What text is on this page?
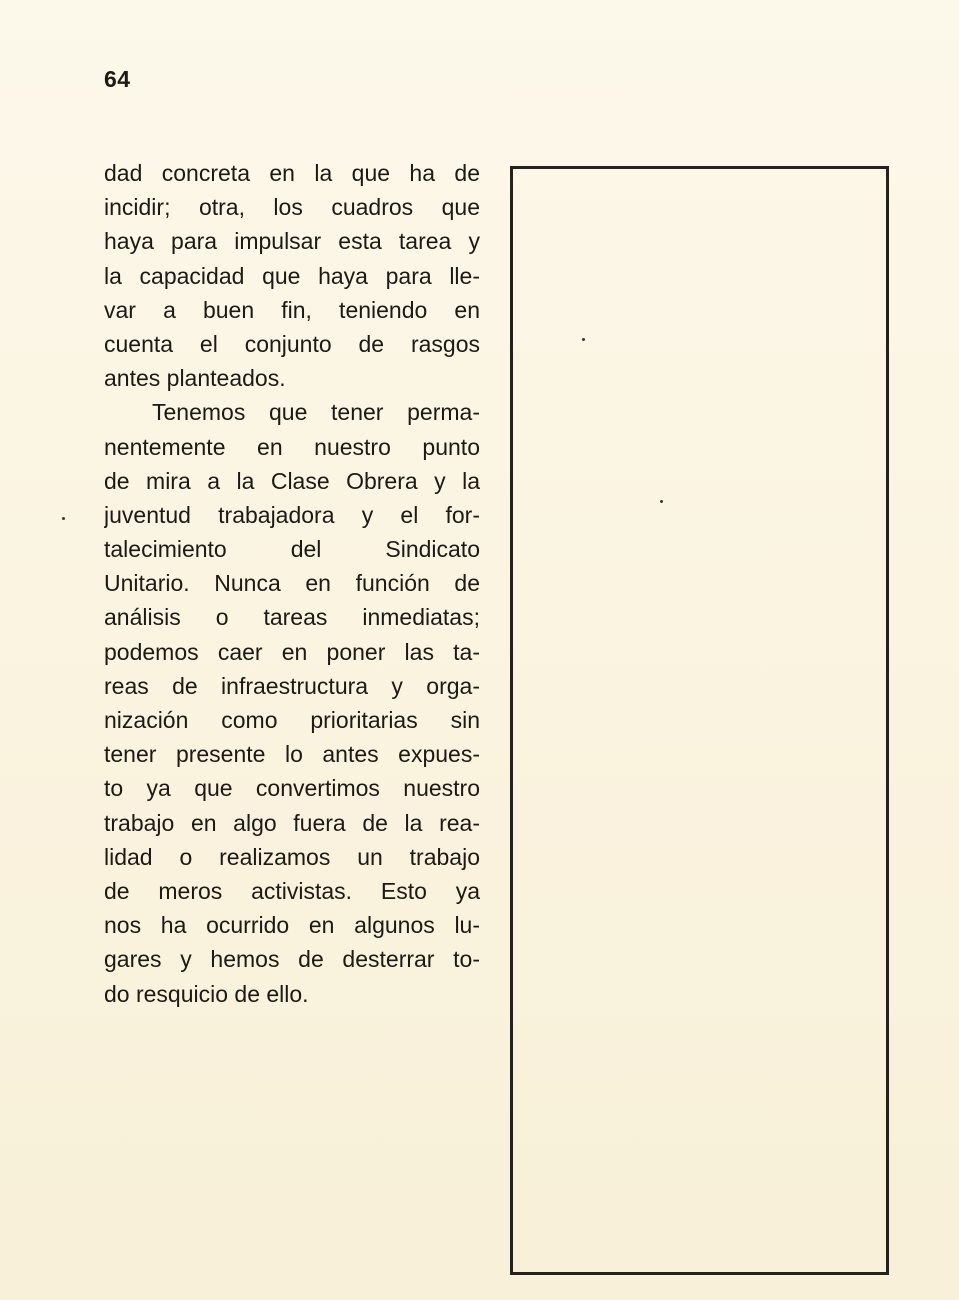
64

dad concreta en la que ha de
incidir; otra, los cuadros que
haya para impulsar esta tarea y
la capacidad que haya para lle-
var a buen fin, teniendo en
cuenta el conjunto de rasgos
antes planteados.

Tenemos que tener perma-
nentemente en nuestro punto
de mira a la Clase Obrera y la
juventud trabajadora y el for-
talecimiento del Sindicato
Unitario. Nunca en función de
análisis o tareas inmediatas;
podemos caer en poner las ta-
reas de infraestructura y orga-
nización como prioritarias sin
tener presente lo antes expues-
to ya que convertimos nuestro
trabajo en algo fuera de la rea-
lidad o realizamos un trabajo
de meros activistas. Esto ya
nos ha ocurrido en algunos lu-
gares y hemos de desterrar to-
do resquicio de ello.
